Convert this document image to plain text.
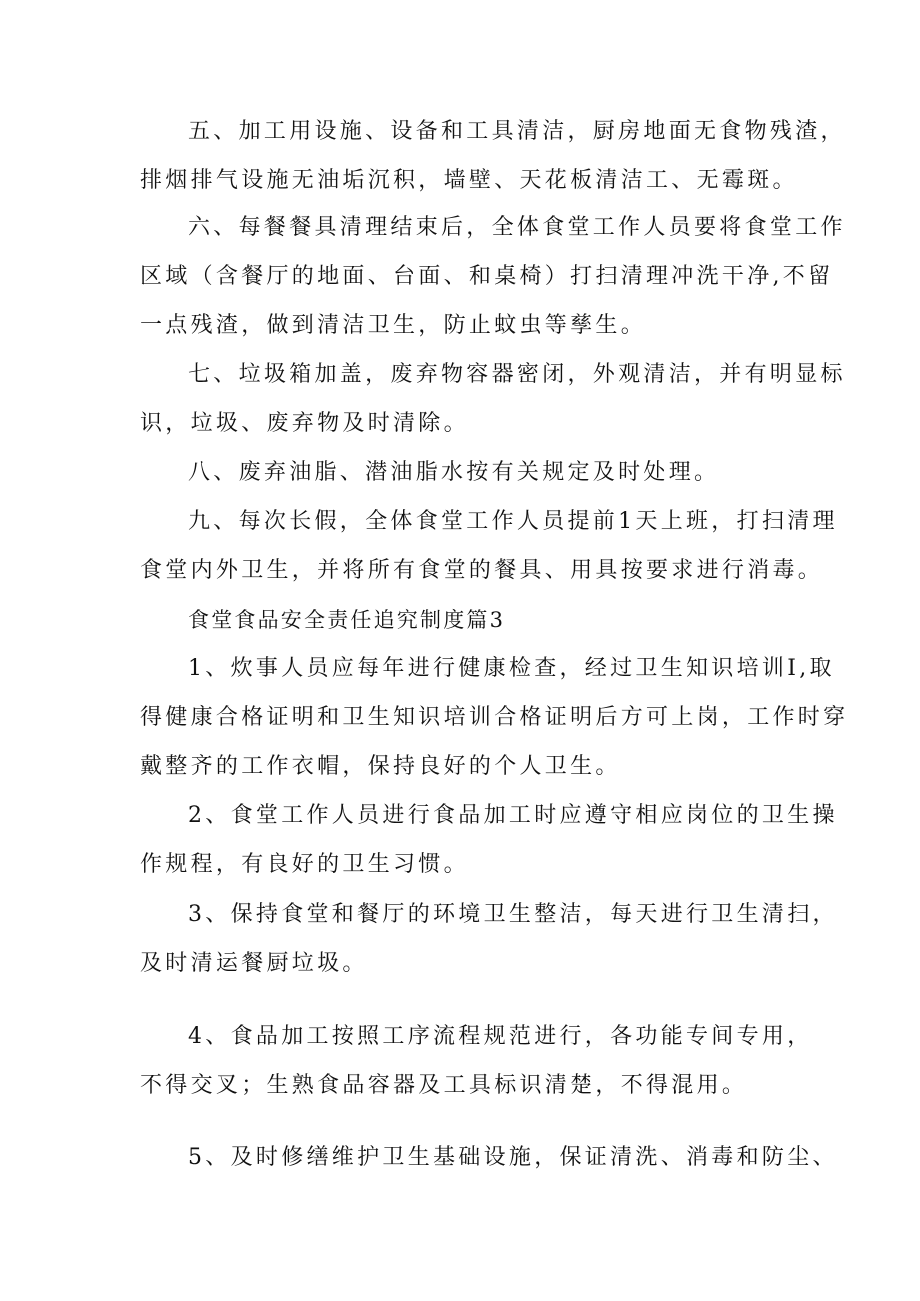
五、加工用设施、设备和工具清洁，厨房地面无食物残渣，
排烟排气设施无油垢沉积，墙壁、天花板清洁工、无霉斑。
六、每餐餐具清理结束后，全体食堂工作人员要将食堂工作
区域（含餐厅的地面、台面、和桌椅）打扫清理冲洗干净,不留
一点残渣，做到清洁卫生，防止蚊虫等孳生。
七、垃圾箱加盖，废弃物容器密闭，外观清洁，并有明显标
识，垃圾、废弃物及时清除。
八、废弃油脂、潜油脂水按有关规定及时处理。
九、每次长假，全体食堂工作人员提前1天上班，打扫清理
食堂内外卫生，并将所有食堂的餐具、用具按要求进行消毒。
食堂食品安全责任追究制度篇3
1、炊事人员应每年进行健康检查，经过卫生知识培训I,取
得健康合格证明和卫生知识培训合格证明后方可上岗，工作时穿
戴整齐的工作衣帽，保持良好的个人卫生。
2、食堂工作人员进行食品加工时应遵守相应岗位的卫生操
作规程，有良好的卫生习惯。
3、保持食堂和餐厅的环境卫生整洁，每天进行卫生清扫，
及时清运餐厨垃圾。
4、食品加工按照工序流程规范进行，各功能专间专用，
不得交叉；生熟食品容器及工具标识清楚，不得混用。
5、及时修缮维护卫生基础设施，保证清洗、消毒和防尘、
